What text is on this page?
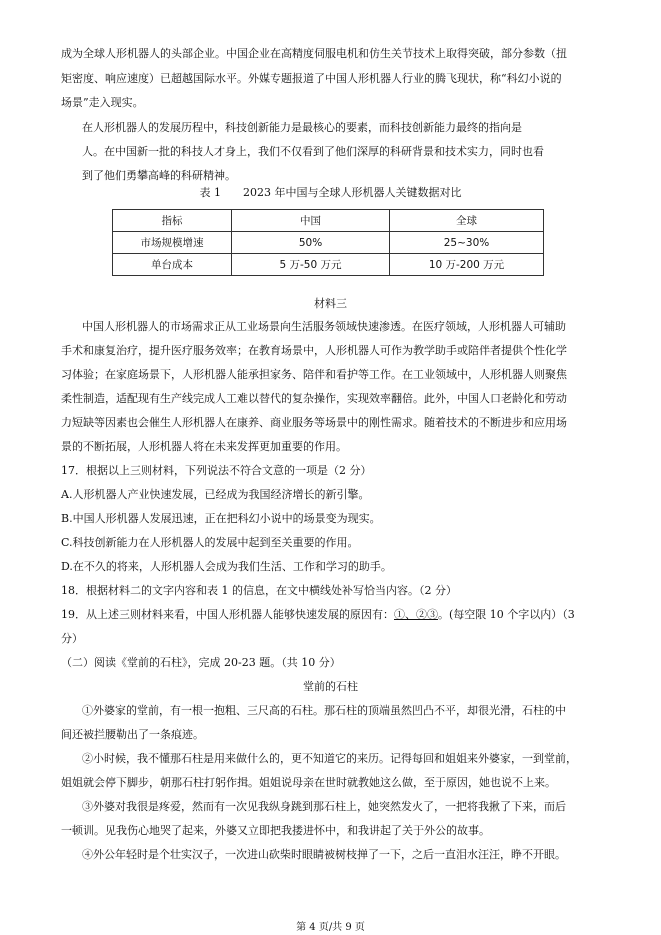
成为全球人形机器人的头部企业。中国企业在高精度伺服电机和仿生关节技术上取得突破，部分参数（扭
矩密度、响应速度）已超越国际水平。外媒专题报道了中国人形机器人行业的腾飞现状，称“科幻小说的
场景”走入现实。
在人形机器人的发展历程中，科技创新能力是最核心的要素，而科技创新能力最终的指向是
人。在中国新一批的科技人才身上，我们不仅看到了他们深厚的科研背景和技术实力，同时也看
到了他们勇攀高峰的科研精神。
表 1　　2023 年中国与全球人形机器人关键数据对比
指标	中国	全球
市场规模增速	50%	25~30%
单台成本	5 万-50 万元	10 万-200 万元
材料三
中国人形机器人的市场需求正从工业场景向生活服务领域快速渗透。在医疗领域，人形机器人可辅助
手术和康复治疗，提升医疗服务效率；在教育场景中，人形机器人可作为教学助手或陪伴者提供个性化学
习体验；在家庭场景下，人形机器人能承担家务、陪伴和看护等工作。在工业领域中，人形机器人则聚焦
柔性制造，适配现有生产线完成人工难以替代的复杂操作，实现效率翻倍。此外，中国人口老龄化和劳动
力短缺等因素也会催生人形机器人在康养、商业服务等场景中的刚性需求。随着技术的不断进步和应用场
景的不断拓展，人形机器人将在未来发挥更加重要的作用。
17．根据以上三则材料，下列说法不符合文意的一项是（2 分）
A.人形机器人产业快速发展，已经成为我国经济增长的新引擎。
B.中国人形机器人发展迅速，正在把科幻小说中的场景变为现实。
C.科技创新能力在人形机器人的发展中起到至关重要的作用。
D.在不久的将来，人形机器人会成为我们生活、工作和学习的助手。
18．根据材料二的文字内容和表 1 的信息，在文中横线处补写恰当内容。（2 分）
19．从上述三则材料来看，中国人形机器人能够快速发展的原因有：①、②③。(每空限 10 个字以内）（3
分）
（二）阅读《堂前的石柱》，完成 20-23 题。（共 10 分）
堂前的石柱
①外婆家的堂前，有一根一抱粗、三尺高的石柱。那石柱的顶端虽然凹凸不平，却很光滑，石柱的中
间还被拦腰勒出了一条痕迹。
②小时候，我不懂那石柱是用来做什么的，更不知道它的来历。记得每回和姐姐来外婆家，一到堂前，
姐姐就会停下脚步，朝那石柱打躬作揖。姐姐说母亲在世时就教她这么做，至于原因，她也说不上来。
③外婆对我很是疼爱，然而有一次见我纵身跳到那石柱上，她突然发火了，一把将我揪了下来，而后
一顿训。见我伤心地哭了起来，外婆又立即把我搂进怀中，和我讲起了关于外公的故事。
④外公年轻时是个壮实汉子，一次进山砍柴时眼睛被树枝掸了一下，之后一直泪水汪汪，睁不开眼。
第 4 页/共 9 页
